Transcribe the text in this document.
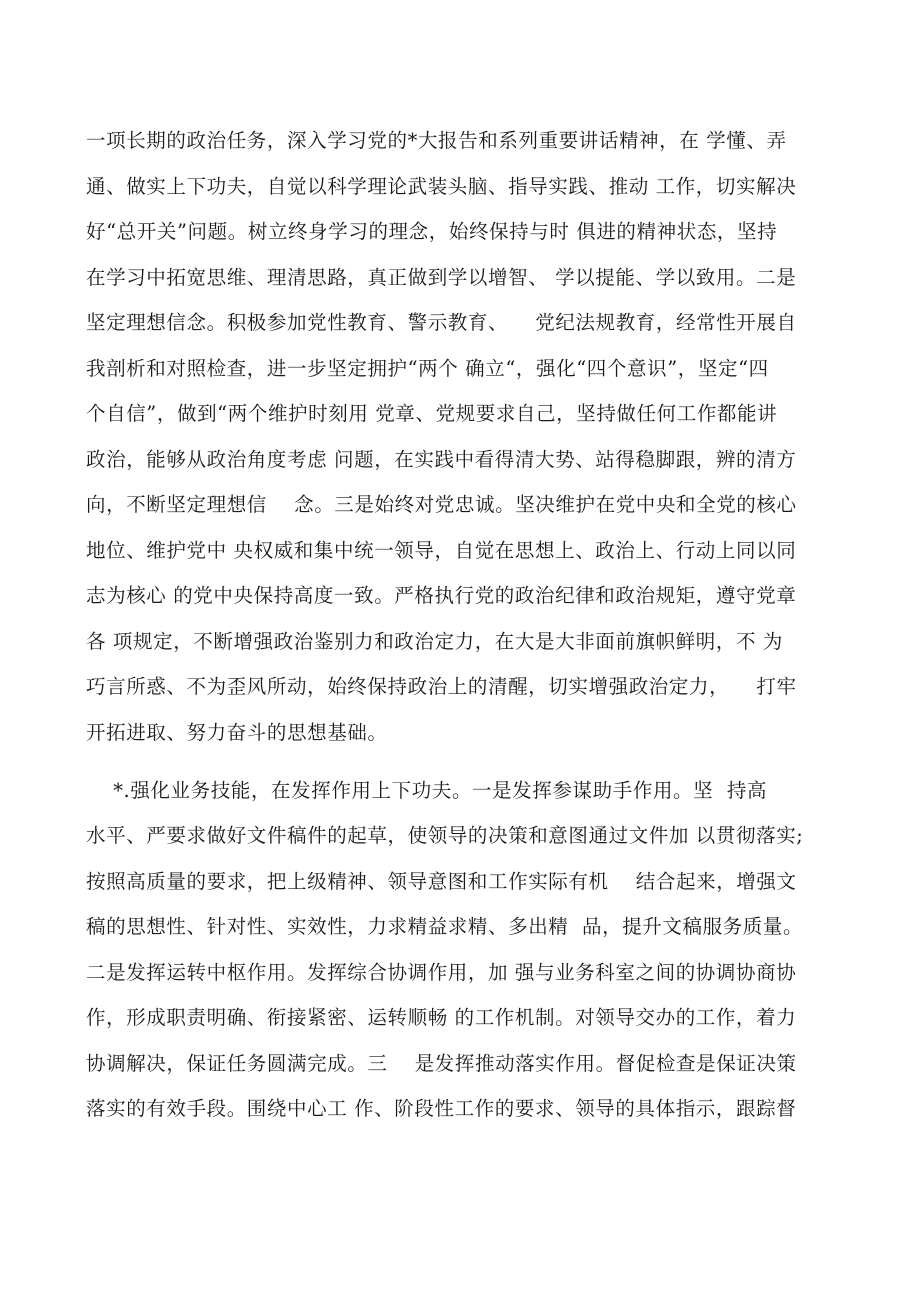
一项长期的政治任务，深入学习党的*大报告和系列重要讲话精神，在 学懂、弄
通、做实上下功夫，自觉以科学理论武装头脑、指导实践、推动 工作，切实解决
好“总开关”问题。树立终身学习的理念，始终保持与时 俱进的精神状态，坚持
在学习中拓宽思维、理清思路，真正做到学以增智、 学以提能、学以致用。二是
坚定理想信念。积极参加党性教育、警示教育、    党纪法规教育，经常性开展自
我剖析和对照检查，进一步坚定拥护“两个 确立“，强化“四个意识”，坚定“四
个自信”，做到“两个维护时刻用 党章、党规要求自己，坚持做任何工作都能讲
政治，能够从政治角度考虑 问题，在实践中看得清大势、站得稳脚跟，辨的清方
向，不断坚定理想信    念。三是始终对党忠诚。坚决维护在党中央和全党的核心
地位、维护党中 央权威和集中统一领导，自觉在思想上、政治上、行动上同以同
志为核心 的党中央保持高度一致。严格执行党的政治纪律和政治规矩，遵守党章
各 项规定，不断增强政治鉴别力和政治定力，在大是大非面前旗帜鲜明，不 为
巧言所惑、不为歪风所动，始终保持政治上的清醒，切实增强政治定力，    打牢
开拓进取、努力奋斗的思想基础。
*.强化业务技能，在发挥作用上下功夫。一是发挥参谋助手作用。坚  持高
水平、严要求做好文件稿件的起草，使领导的决策和意图通过文件加 以贯彻落实;
按照高质量的要求，把上级精神、领导意图和工作实际有机    结合起来，增强文
稿的思想性、针对性、实效性，力求精益求精、多出精  品，提升文稿服务质量。
二是发挥运转中枢作用。发挥综合协调作用，加 强与业务科室之间的协调协商协
作，形成职责明确、衔接紧密、运转顺畅 的工作机制。对领导交办的工作，着力
协调解决，保证任务圆满完成。三    是发挥推动落实作用。督促检查是保证决策
落实的有效手段。围绕中心工 作、阶段性工作的要求、领导的具体指示，跟踪督
